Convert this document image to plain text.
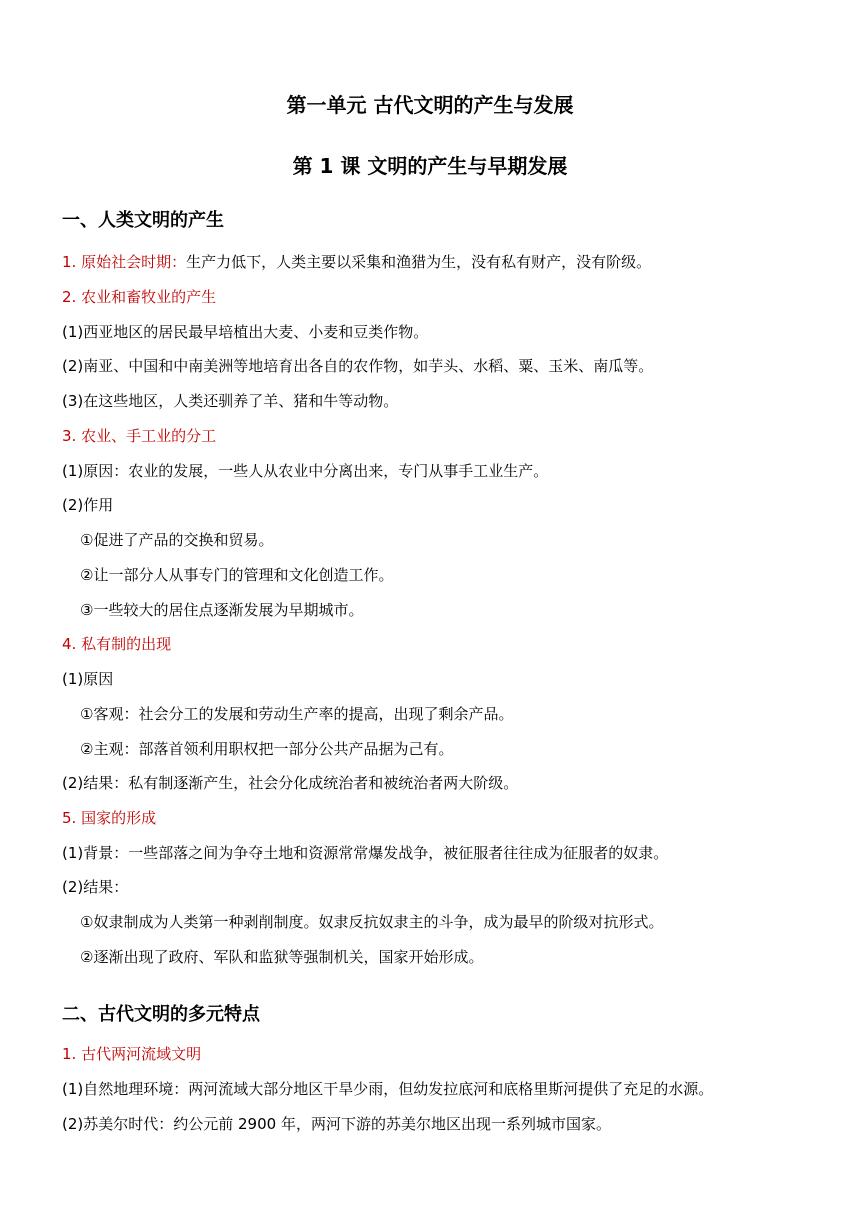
第一单元 古代文明的产生与发展
第 1 课 文明的产生与早期发展
一、人类文明的产生
1. 原始社会时期：生产力低下，人类主要以采集和渔猎为生，没有私有财产，没有阶级。
2. 农业和畜牧业的产生
(1)西亚地区的居民最早培植出大麦、小麦和豆类作物。
(2)南亚、中国和中南美洲等地培育出各自的农作物，如芋头、水稻、粟、玉米、南瓜等。
(3)在这些地区，人类还驯养了羊、猪和牛等动物。
3. 农业、手工业的分工
(1)原因：农业的发展，一些人从农业中分离出来，专门从事手工业生产。
(2)作用
①促进了产品的交换和贸易。
②让一部分人从事专门的管理和文化创造工作。
③一些较大的居住点逐渐发展为早期城市。
4. 私有制的出现
(1)原因
①客观：社会分工的发展和劳动生产率的提高，出现了剩余产品。
②主观：部落首领利用职权把一部分公共产品据为己有。
(2)结果：私有制逐渐产生，社会分化成统治者和被统治者两大阶级。
5. 国家的形成
(1)背景：一些部落之间为争夺土地和资源常常爆发战争，被征服者往往成为征服者的奴隶。
(2)结果：
①奴隶制成为人类第一种剥削制度。奴隶反抗奴隶主的斗争，成为最早的阶级对抗形式。
②逐渐出现了政府、军队和监狱等强制机关，国家开始形成。
二、古代文明的多元特点
1. 古代两河流域文明
(1)自然地理环境：两河流域大部分地区干旱少雨，但幼发拉底河和底格里斯河提供了充足的水源。
(2)苏美尔时代：约公元前 2900 年，两河下游的苏美尔地区出现一系列城市国家。
